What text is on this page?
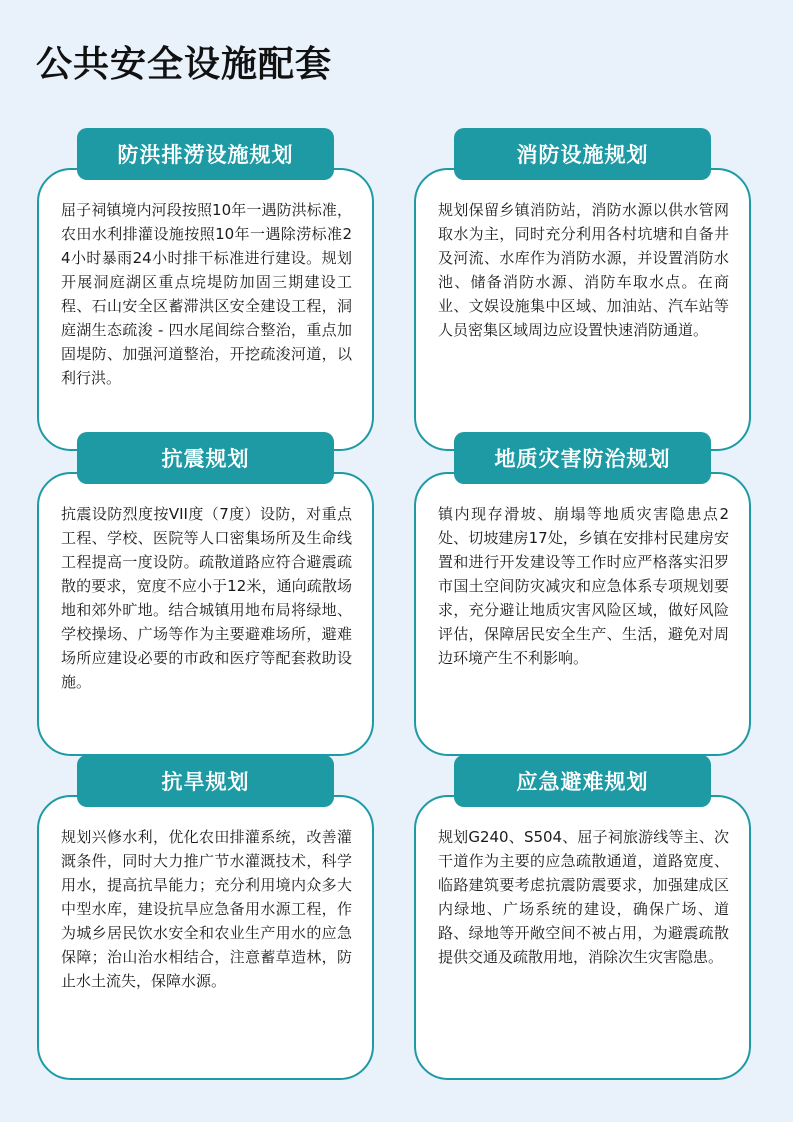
公共安全设施配套
防洪排涝设施规划

屈子祠镇境内河段按照10年一遇防洪标准，农田水利排灌设施按照10年一遇除涝标准24小时暴雨24小时排干标准进行建设。规划开展洞庭湖区重点垸堤防加固三期建设工程、石山安全区蓄滞洪区安全建设工程，洞庭湖生态疏浚 - 四水尾闾综合整治，重点加固堤防、加强河道整治，开挖疏浚河道，以利行洪。

消防设施规划

规划保留乡镇消防站，消防水源以供水管网取水为主，同时充分利用各村坑塘和自备井及河流、水库作为消防水源，并设置消防水池、储备消防水源、消防车取水点。在商业、文娱设施集中区域、加油站、汽车站等人员密集区域周边应设置快速消防通道。

抗震规划

抗震设防烈度按VII度（7度）设防，对重点工程、学校、医院等人口密集场所及生命线工程提高一度设防。疏散道路应符合避震疏散的要求，宽度不应小于12米，通向疏散场地和郊外旷地。结合城镇用地布局将绿地、学校操场、广场等作为主要避难场所，避难场所应建设必要的市政和医疗等配套救助设施。

地质灾害防治规划

镇内现存滑坡、崩塌等地质灾害隐患点2处、切坡建房17处，乡镇在安排村民建房安置和进行开发建设等工作时应严格落实汨罗市国土空间防灾减灾和应急体系专项规划要求，充分避让地质灾害风险区域，做好风险评估，保障居民安全生产、生活，避免对周边环境产生不利影响。

抗旱规划

规划兴修水利，优化农田排灌系统，改善灌溉条件，同时大力推广节水灌溉技术，科学用水，提高抗旱能力；充分利用境内众多大中型水库，建设抗旱应急备用水源工程，作为城乡居民饮水安全和农业生产用水的应急保障；治山治水相结合，注意蓄草造林，防止水土流失，保障水源。

应急避难规划

规划G240、S504、屈子祠旅游线等主、次干道作为主要的应急疏散通道，道路宽度、临路建筑要考虑抗震防震要求，加强建成区内绿地、广场系统的建设，确保广场、道路、绿地等开敞空间不被占用，为避震疏散提供交通及疏散用地，消除次生灾害隐患。
